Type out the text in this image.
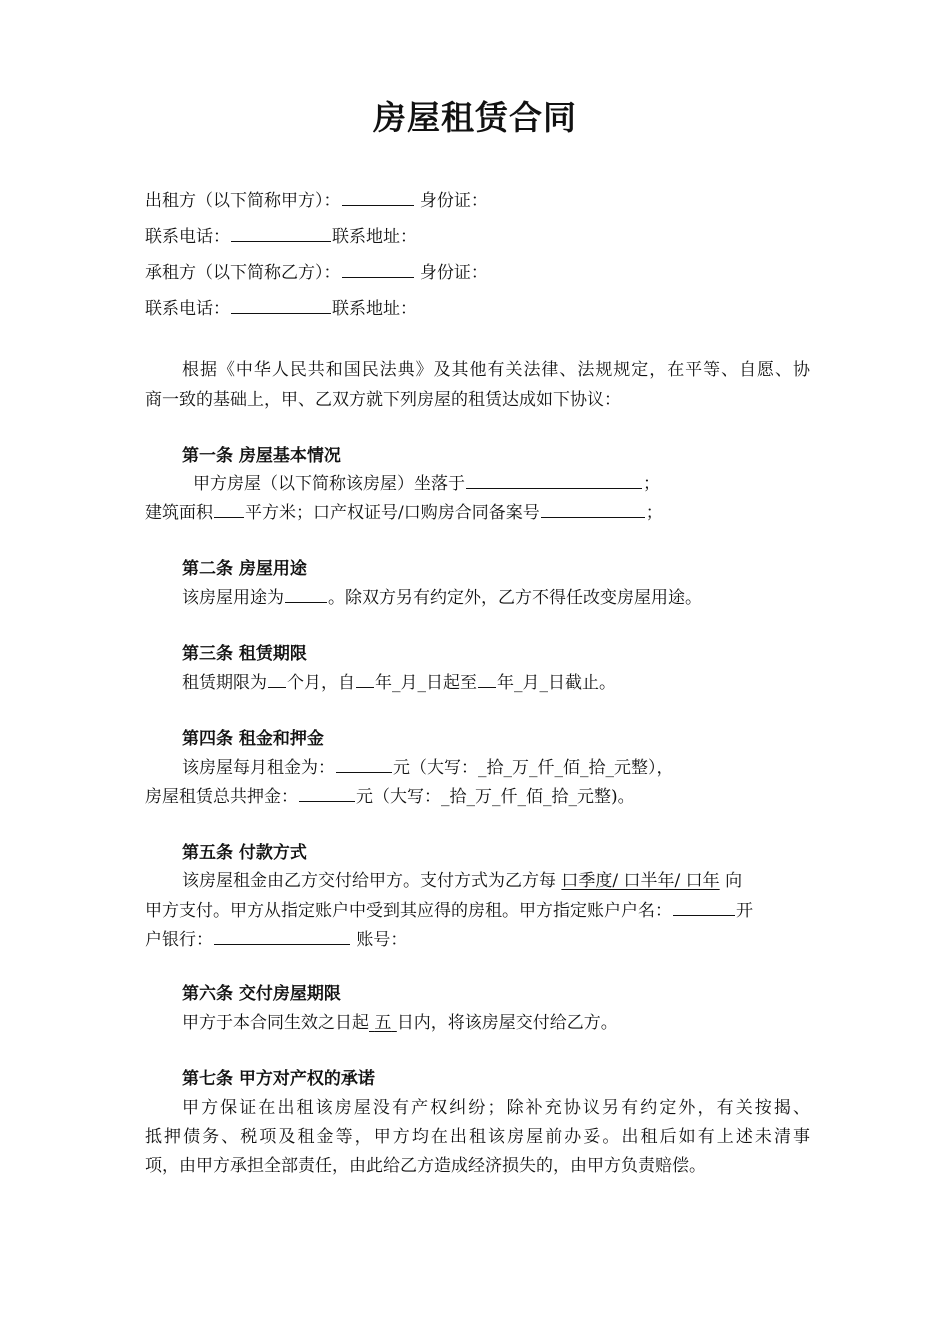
房屋租赁合同
出租方（以下简称甲方）：	身份证：
联系电话：	联系地址：
承租方（以下简称乙方）：	身份证：
联系电话：	联系地址：
根据《中华人民共和国民法典》及其他有关法律、法规规定，在平等、自愿、协
商一致的基础上，甲、乙双方就下列房屋的租赁达成如下协议：
第一条 房屋基本情况
甲方房屋（以下简称该房屋）坐落于	；
建筑面积 平方米；口产权证号/口购房合同备案号	；
第二条 房屋用途
该房屋用途为	。除双方另有约定外，乙方不得任改变房屋用途。
第三条 租赁期限
租赁期限为 个月，自 年_月_日起至 年_月_日截止。
第四条 租金和押金
该房屋每月租金为：	元（大写：_拾_万_仟_佰_拾_元整），
房屋租赁总共押金：	元（大写：_拾_万_仟_佰_拾_元整)。
第五条 付款方式
该房屋租金由乙方交付给甲方。支付方式为乙方每 口季度/ 口半年/ 口年 向
甲方支付。甲方从指定账户中受到其应得的房租。甲方指定账户户名：	开
户银行：	账号：
第六条 交付房屋期限
甲方于本合同生效之日起 五 日内，将该房屋交付给乙方。
第七条 甲方对产权的承诺
甲方保证在出租该房屋没有产权纠纷；除补充协议另有约定外，有关按揭、
抵押债务、税项及租金等，甲方均在出租该房屋前办妥。出租后如有上述未清事
项，由甲方承担全部责任，由此给乙方造成经济损失的，由甲方负责赔偿。
